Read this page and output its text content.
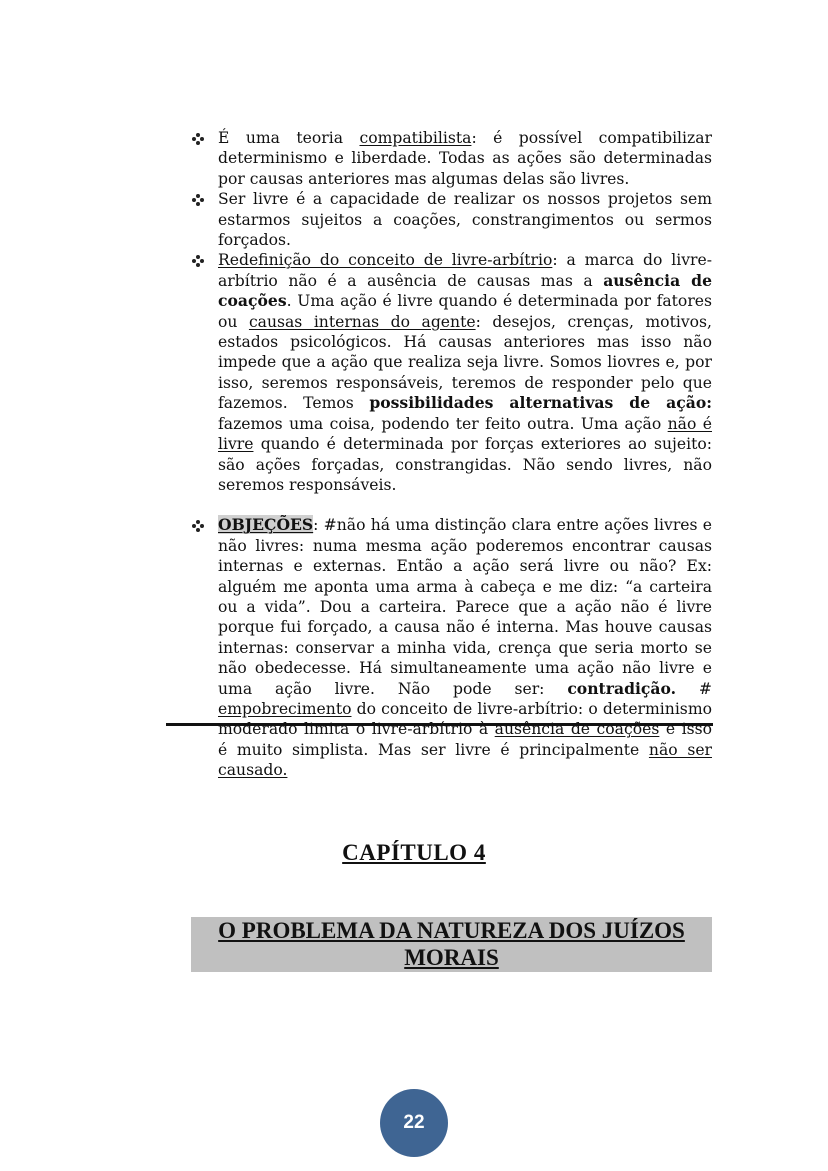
É uma teoria compatibilista: é possível compatibilizar determinismo e liberdade. Todas as ações são determinadas por causas anteriores mas algumas delas são livres.
Ser livre é a capacidade de realizar os nossos projetos sem estarmos sujeitos a coações, constrangimentos ou sermos forçados.
Redefinição do conceito de livre-arbítrio: a marca do livre-arbítrio não é a ausência de causas mas a ausência de coações. Uma ação é livre quando é determinada por fatores ou causas internas do agente: desejos, crenças, motivos, estados psicológicos. Há causas anteriores mas isso não impede que a ação que realiza seja livre. Somos liovres e, por isso, seremos responsáveis, teremos de responder pelo que fazemos. Temos possibilidades alternativas de ação: fazemos uma coisa, podendo ter feito outra. Uma ação não é livre quando é determinada por forças exteriores ao sujeito: são ações forçadas, constrangidas. Não sendo livres, não seremos responsáveis.
OBJEÇÕES: #não há uma distinção clara entre ações livres e não livres: numa mesma ação poderemos encontrar causas internas e externas. Então a ação será livre ou não? Ex: alguém me aponta uma arma à cabeça e me diz: “a carteira ou a vida”. Dou a carteira. Parece que a ação não é livre porque fui forçado, a causa não é interna. Mas houve causas internas: conservar a minha vida, crença que seria morto se não obedecesse. Há simultaneamente uma ação não livre e uma ação livre. Não pode ser: contradição. # empobrecimento do conceito de livre-arbítrio: o determinismo moderado limita o livre-arbítrio à ausência de coações e isso é muito simplista. Mas ser livre é principalmente não ser causado.
CAPÍTULO 4
O PROBLEMA DA NATUREZA DOS JUÍZOS
MORAIS
22
